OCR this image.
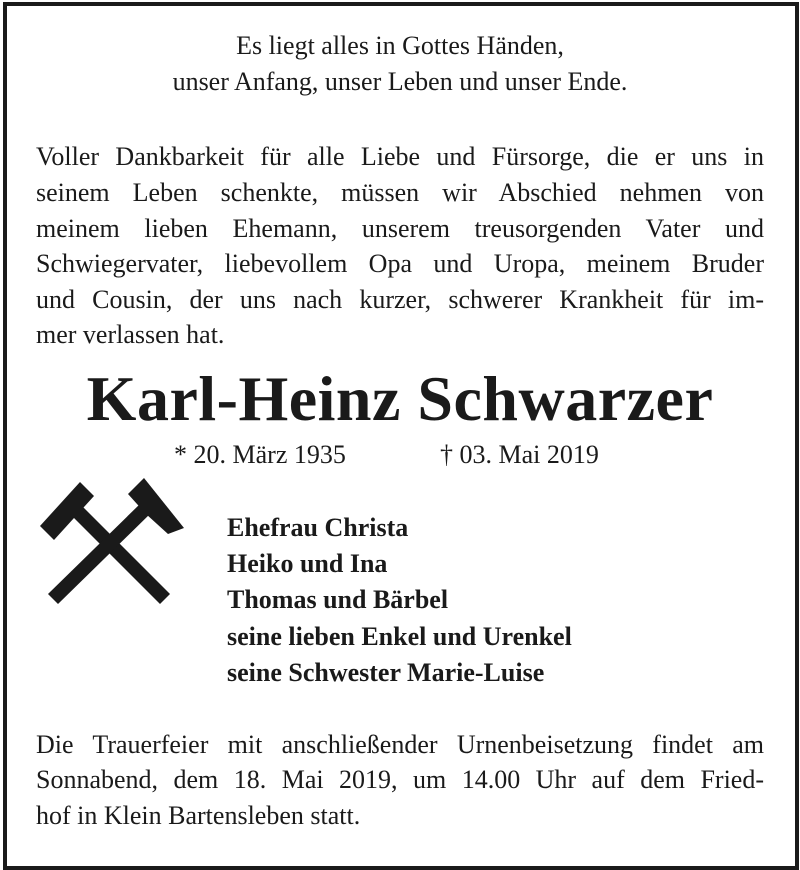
Es liegt alles in Gottes Händen,
unser Anfang, unser Leben und unser Ende.
Voller Dankbarkeit für alle Liebe und Fürsorge, die er uns in
seinem Leben schenkte, müssen wir Abschied nehmen von
meinem lieben Ehemann, unserem treusorgenden Vater und
Schwiegervater, liebevollem Opa und Uropa, meinem Bruder
und Cousin, der uns nach kurzer, schwerer Krankheit für im-
mer verlassen hat.
Karl-Heinz Schwarzer
* 20. März 1935	† 03. Mai 2019
Ehefrau Christa
Heiko und Ina
Thomas und Bärbel
seine lieben Enkel und Urenkel
seine Schwester Marie-Luise
Die Trauerfeier mit anschließender Urnenbeisetzung findet am
Sonnabend, dem 18. Mai 2019, um 14.00 Uhr auf dem Fried-
hof in Klein Bartensleben statt.
